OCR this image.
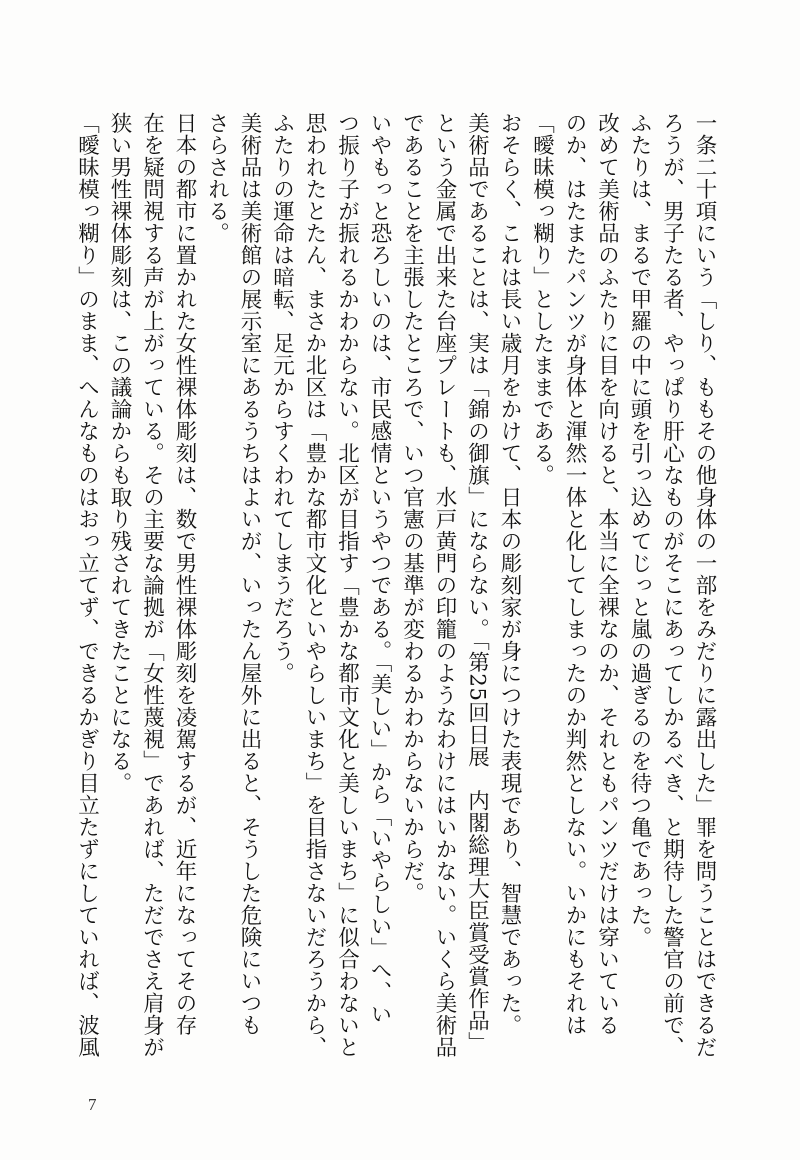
一条二十項にいう「しり、ももその他身体の一部をみだりに露出した」罪を問うことはできるだ

ろうが、男子たる者、やっぱり肝心なものがそこにあってしかるべき、と期待した警官の前で、

ふたりは、まるで甲羅の中に頭を引っ込めてじっと嵐の過ぎるのを待つ亀であった。

改めて美術品のふたりに目を向けると、本当に全裸なのか、それともパンツだけは穿いている

のか、はたまたパンツが身体と渾然一体と化してしまったのか判然としない。いかにもそれは

「曖昧模っ糊り」としたままである。

おそらく、これは長い歳月をかけて、日本の彫刻家が身につけた表現であり、智慧であった。

美術品であることは、実は「錦の御旗」にならない。「第25回日展　内閣総理大臣賞受賞作品」

という金属で出来た台座プレートも、水戸黄門の印籠のようなわけにはいかない。いくら美術品

であることを主張したところで、いつ官憲の基準が変わるかわからないからだ。

いやもっと恐ろしいのは、市民感情というやつである。「美しい」から「いやらしい」へ、い

つ振り子が振れるかわからない。北区が目指す「豊かな都市文化と美しいまち」に似合わないと

思われたとたん、まさか北区は「豊かな都市文化といやらしいまち」を目指さないだろうから、

ふたりの運命は暗転、足元からすくわれてしまうだろう。

美術品は美術館の展示室にあるうちはよいが、いったん屋外に出ると、そうした危険にいつも

さらされる。

日本の都市に置かれた女性裸体彫刻は、数で男性裸体彫刻を凌駕するが、近年になってその存

在を疑問視する声が上がっている。その主要な論拠が「女性蔑視」であれば、ただでさえ肩身が

狭い男性裸体彫刻は、この議論からも取り残されてきたことになる。

「曖昧模っ糊り」のまま、へんなものはおっ立てず、できるかぎり目立たずにしていれば、波風

7
